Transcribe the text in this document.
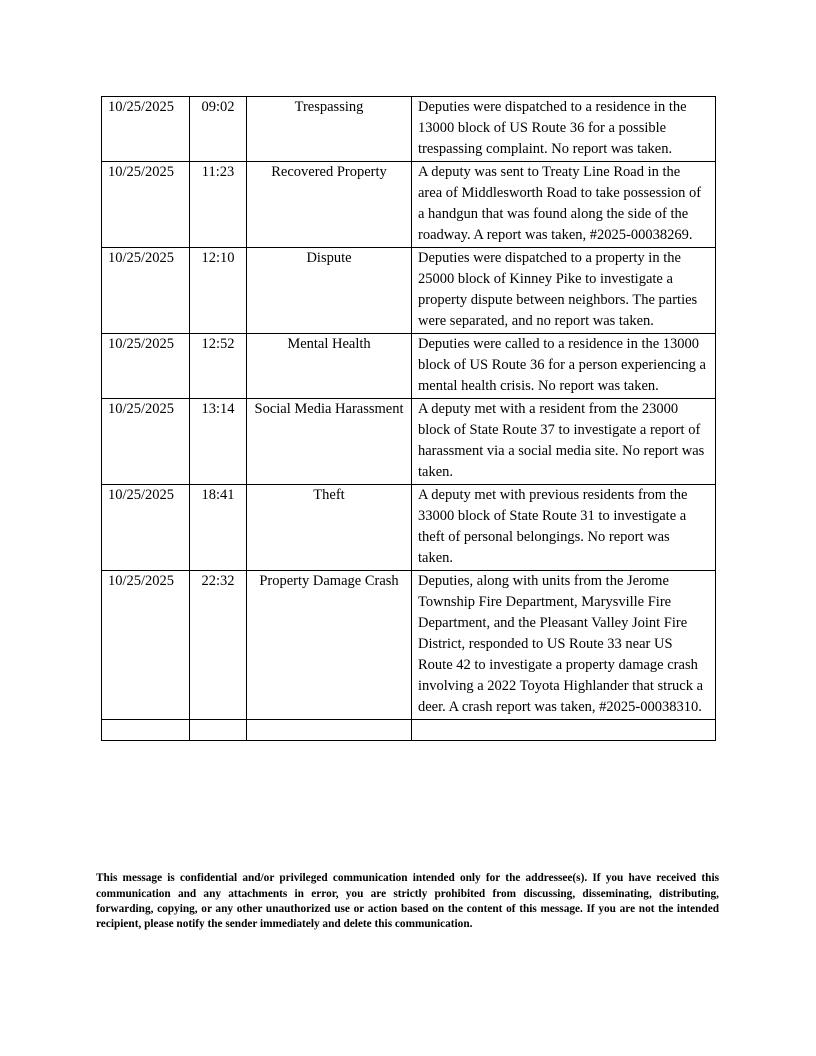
10/25/2025	09:02	Trespassing	Deputies were dispatched to a residence in the 13000 block of US Route 36 for a possible trespassing complaint. No report was taken.
10/25/2025	11:23	Recovered Property	A deputy was sent to Treaty Line Road in the area of Middlesworth Road to take possession of a handgun that was found along the side of the roadway. A report was taken, #2025-00038269.
10/25/2025	12:10	Dispute	Deputies were dispatched to a property in the 25000 block of Kinney Pike to investigate a property dispute between neighbors. The parties were separated, and no report was taken.
10/25/2025	12:52	Mental Health	Deputies were called to a residence in the 13000 block of US Route 36 for a person experiencing a mental health crisis. No report was taken.
10/25/2025	13:14	Social Media Harassment	A deputy met with a resident from the 23000 block of State Route 37 to investigate a report of harassment via a social media site. No report was taken.
10/25/2025	18:41	Theft	A deputy met with previous residents from the 33000 block of State Route 31 to investigate a theft of personal belongings. No report was taken.
10/25/2025	22:32	Property Damage Crash	Deputies, along with units from the Jerome Township Fire Department, Marysville Fire Department, and the Pleasant Valley Joint Fire District, responded to US Route 33 near US Route 42 to investigate a property damage crash involving a 2022 Toyota Highlander that struck a deer. A crash report was taken, #2025-00038310.

This message is confidential and/or privileged communication intended only for the addressee(s). If you have received this communication and any attachments in error, you are strictly prohibited from discussing, disseminating, distributing, forwarding, copying, or any other unauthorized use or action based on the content of this message. If you are not the intended recipient, please notify the sender immediately and delete this communication.
